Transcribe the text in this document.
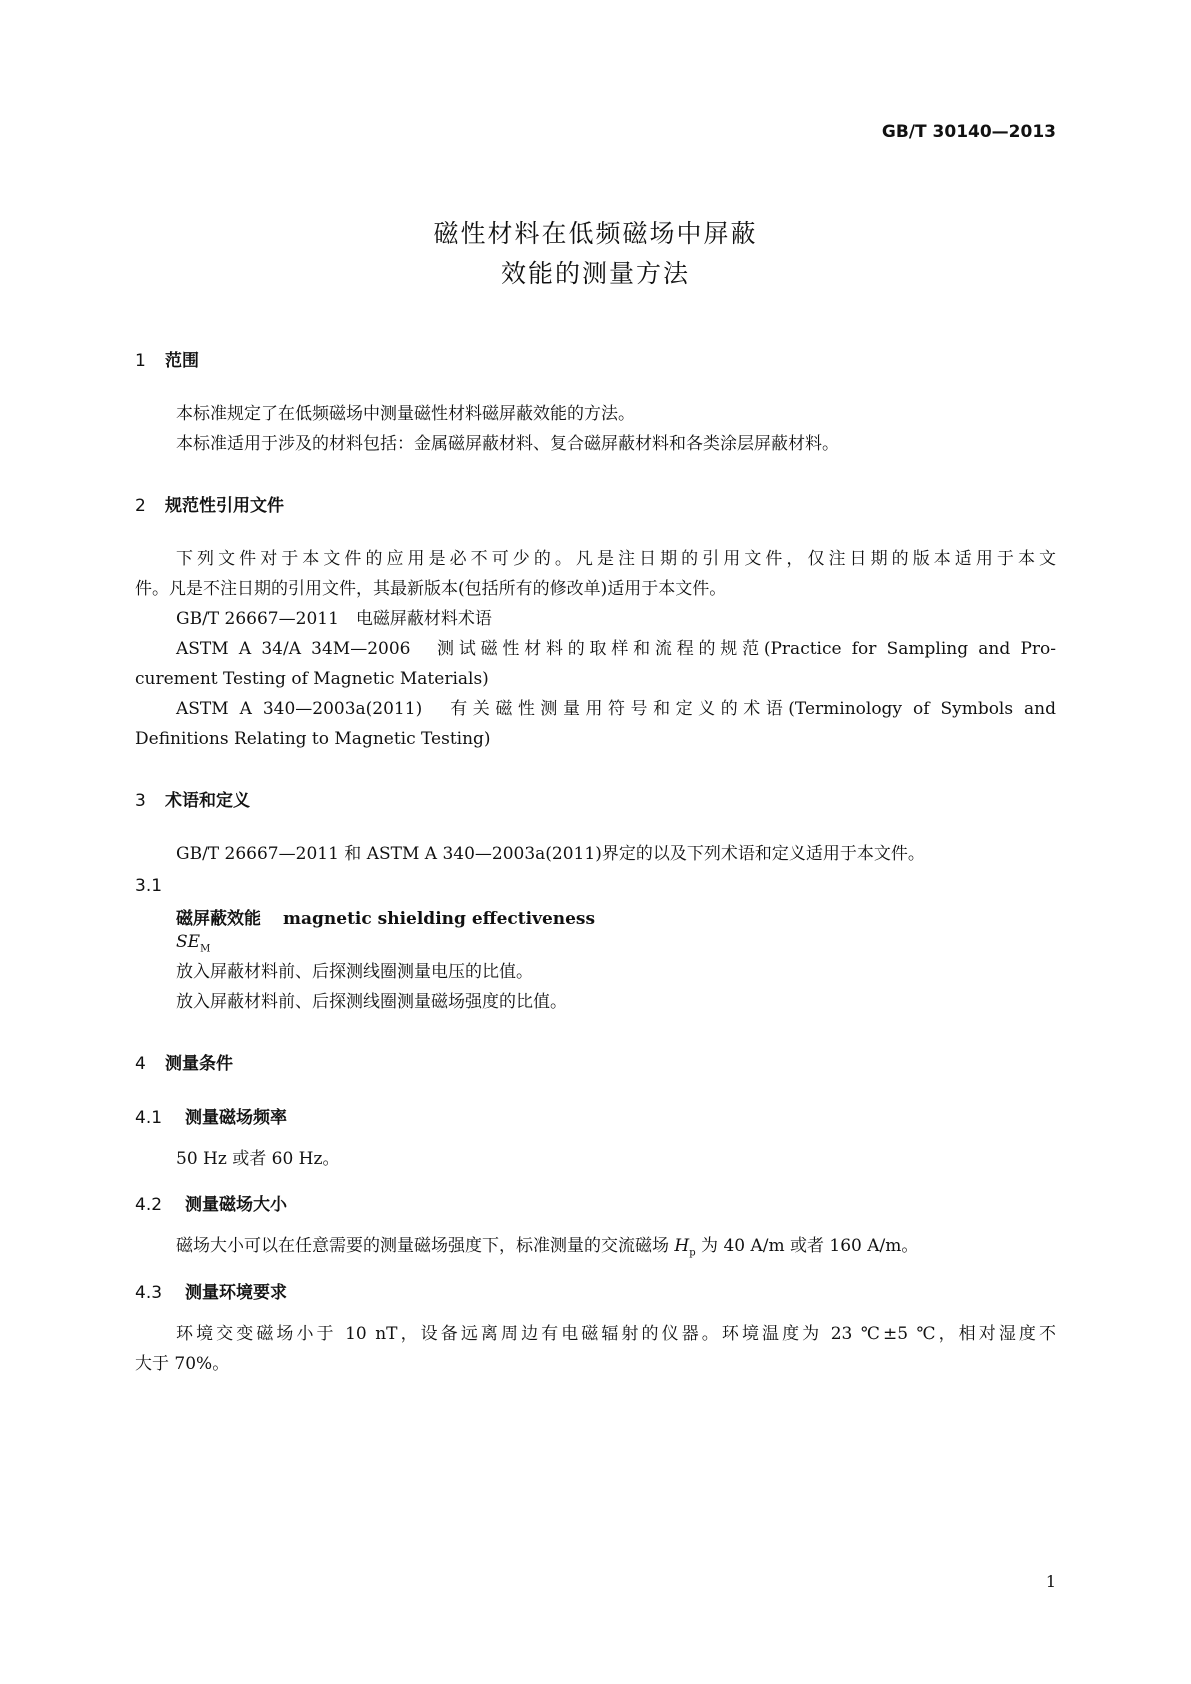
GB/T 30140—2013
磁性材料在低频磁场中屏蔽
效能的测量方法
1 范围
本标准规定了在低频磁场中测量磁性材料磁屏蔽效能的方法。
本标准适用于涉及的材料包括：金属磁屏蔽材料、复合磁屏蔽材料和各类涂层屏蔽材料。
2 规范性引用文件
下列文件对于本文件的应用是必不可少的。凡是注日期的引用文件，仅注日期的版本适用于本文
件。凡是不注日期的引用文件，其最新版本(包括所有的修改单)适用于本文件。
GB/T 26667—2011　电磁屏蔽材料术语
ASTM A 34/A 34M—2006　测试磁性材料的取样和流程的规范(Practice for Sampling and Pro-
curement Testing of Magnetic Materials)
ASTM A 340—2003a(2011)　有关磁性测量用符号和定义的术语(Terminology of Symbols and
Definitions Relating to Magnetic Testing)
3 术语和定义
GB/T 26667—2011 和 ASTM A 340—2003a(2011)界定的以及下列术语和定义适用于本文件。
3.1
磁屏蔽效能 magnetic shielding effectiveness
$SE_M$
放入屏蔽材料前、后探测线圈测量电压的比值。
放入屏蔽材料前、后探测线圈测量磁场强度的比值。
4 测量条件
4.1 测量磁场频率
50 Hz 或者 60 Hz。
4.2 测量磁场大小
磁场大小可以在任意需要的测量磁场强度下，标准测量的交流磁场 $H_p$ 为 40 A/m 或者 160 A/m。
4.3 测量环境要求
环境交变磁场小于 10 nT，设备远离周边有电磁辐射的仪器。环境温度为 23 ℃±5 ℃，相对湿度不
大于 70%。
1
